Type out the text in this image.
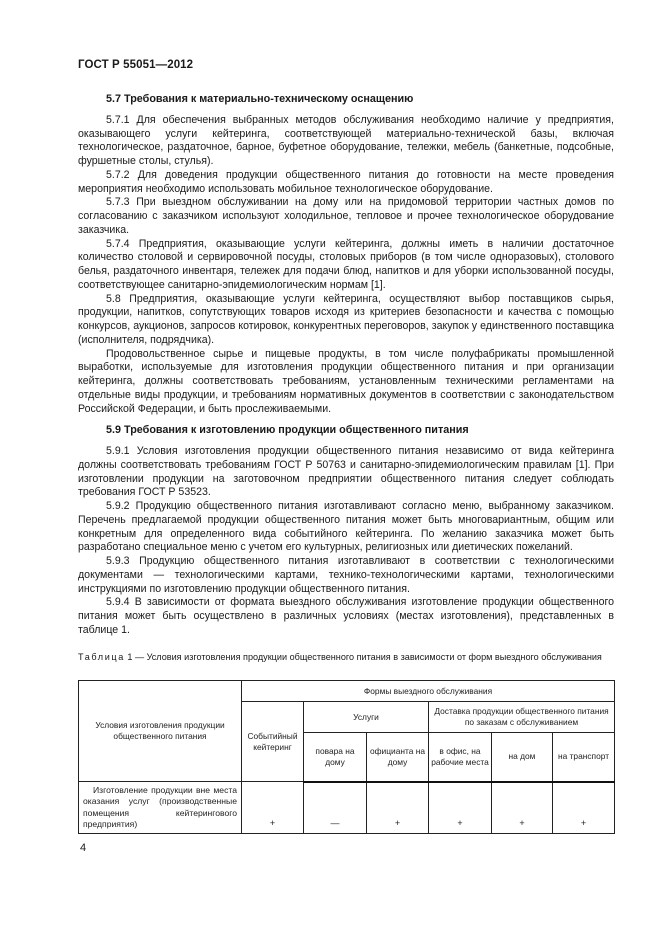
ГОСТ Р 55051—2012

5.7 Требования к материально-техническому оснащению

5.7.1 Для обеспечения выбранных методов обслуживания необходимо наличие у предприятия, оказывающего услуги кейтеринга, соответствующей материально-технической базы, включая технологическое, раздаточное, барное, буфетное оборудование, тележки, мебель (банкетные, подсобные, фуршетные столы, стулья).

5.7.2 Для доведения продукции общественного питания до готовности на месте проведения мероприятия необходимо использовать мобильное технологическое оборудование.

5.7.3 При выездном обслуживании на дому или на придомовой территории частных домов по согласованию с заказчиком используют холодильное, тепловое и прочее технологическое оборудование заказчика.

5.7.4 Предприятия, оказывающие услуги кейтеринга, должны иметь в наличии достаточное количество столовой и сервировочной посуды, столовых приборов (в том числе одноразовых), столового белья, раздаточного инвентаря, тележек для подачи блюд, напитков и для уборки использованной посуды, соответствующее санитарно-эпидемиологическим нормам [1].

5.8 Предприятия, оказывающие услуги кейтеринга, осуществляют выбор поставщиков сырья, продукции, напитков, сопутствующих товаров исходя из критериев безопасности и качества с помощью конкурсов, аукционов, запросов котировок, конкурентных переговоров, закупок у единственного поставщика (исполнителя, подрядчика).

Продовольственное сырье и пищевые продукты, в том числе полуфабрикаты промышленной выработки, используемые для изготовления продукции общественного питания и при организации кейтеринга, должны соответствовать требованиям, установленным техническими регламентами на отдельные виды продукции, и требованиям нормативных документов в соответствии с законодательством Российской Федерации, и быть прослеживаемыми.

5.9 Требования к изготовлению продукции общественного питания

5.9.1 Условия изготовления продукции общественного питания независимо от вида кейтеринга должны соответствовать требованиям ГОСТ Р 50763 и санитарно-эпидемиологическим правилам [1]. При изготовлении продукции на заготовочном предприятии общественного питания следует соблюдать требования ГОСТ Р 53523.

5.9.2 Продукцию общественного питания изготавливают согласно меню, выбранному заказчиком. Перечень предлагаемой продукции общественного питания может быть многовариантным, общим или конкретным для определенного вида событийного кейтеринга. По желанию заказчика может быть разработано специальное меню с учетом его культурных, религиозных или диетических пожеланий.

5.9.3 Продукцию общественного питания изготавливают в соответствии с технологическими документами — технологическими картами, технико-технологическими картами, технологическими инструкциями по изготовлению продукции общественного питания.

5.9.4 В зависимости от формата выездного обслуживания изготовление продукции общественного питания может быть осуществлено в различных условиях (местах изготовления), представленных в таблице 1.

Таблица 1 — Условия изготовления продукции общественного питания в зависимости от форм выездного обслуживания

Условия изготовления продукции общественного питания	Формы выездного обслуживания					
	Событийный кейтеринг	Услуги		Доставка продукции общественного питания по заказам с обслуживанием		
		повара на дому	официанта на дому	в офис, на рабочие места	на дом	на транспорт
Изготовление продукции вне места оказания услуг (производственные помещения кейтерингового предприятия)	+	—	+	+	+	+
4
